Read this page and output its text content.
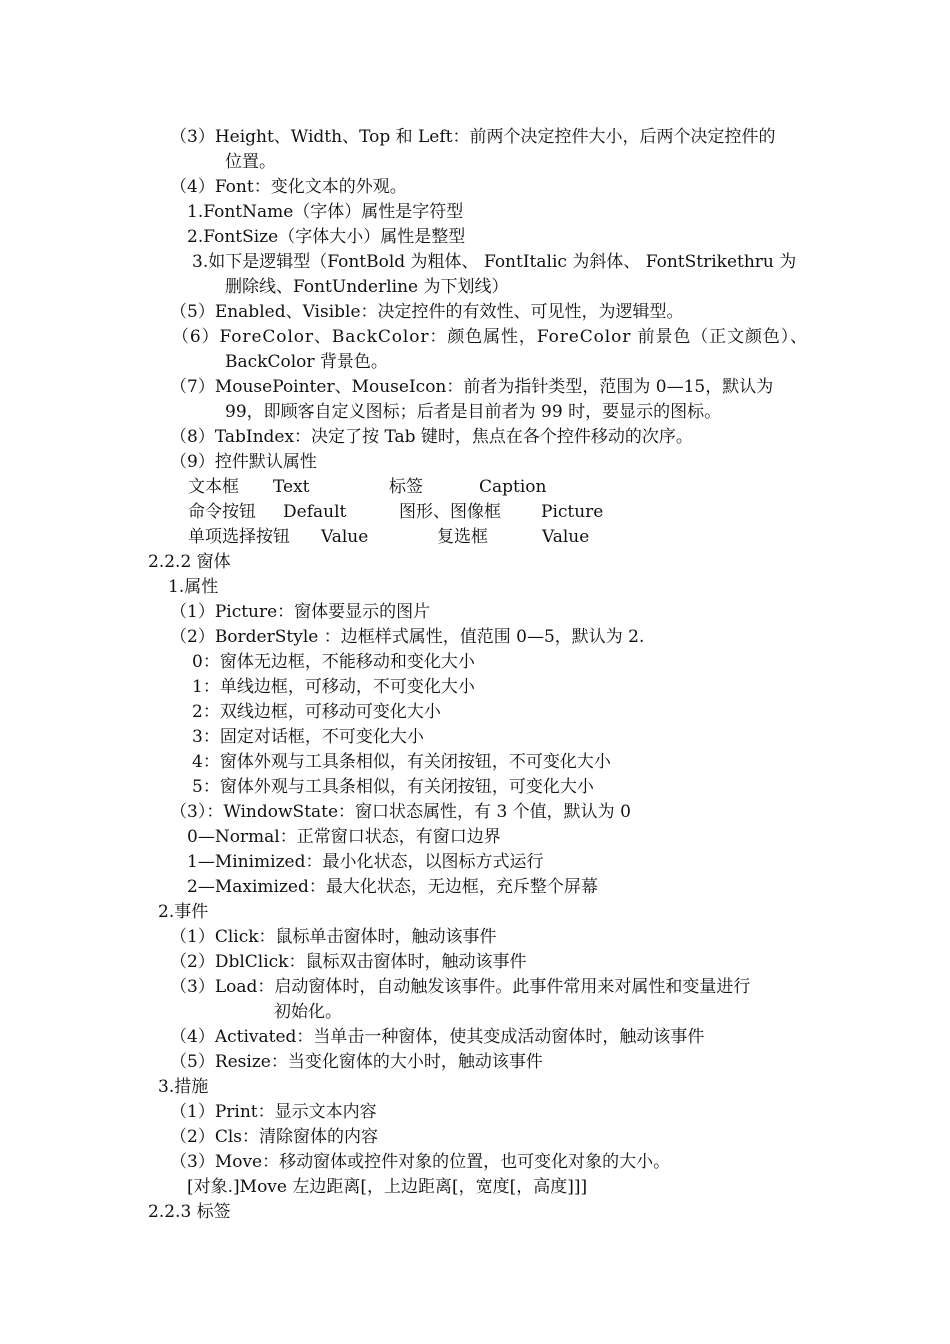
（3）Height、Width、Top 和 Left：前两个决定控件大小，后两个决定控件的
位置。
（4）Font：变化文本的外观。
1.FontName（字体）属性是字符型
2.FontSize（字体大小）属性是整型
3.如下是逻辑型（FontBold 为粗体、 FontItalic 为斜体、 FontStrikethru 为
删除线、FontUnderline 为下划线）
（5）Enabled、Visible：决定控件的有效性、可见性，为逻辑型。
（6）ForeColor、BackColor：颜色属性，ForeColor 前景色（正文颜色）、
BackColor 背景色。
（7）MousePointer、MouseIcon：前者为指针类型，范围为 0—15，默认为
99，即顾客自定义图标；后者是目前者为 99 时，要显示的图标。
（8）TabIndex：决定了按 Tab 键时，焦点在各个控件移动的次序。
（9）控件默认属性
文本框 Text	标签	Caption
命令按钮 Default	图形、图像框 Picture
单项选择按钮 Value	复选框	Value
2.2.2 窗体
1.属性
（1）Picture：窗体要显示的图片
（2）BorderStyle ：边框样式属性，值范围 0—5，默认为 2.
0：窗体无边框，不能移动和变化大小
1：单线边框，可移动，不可变化大小
2：双线边框，可移动可变化大小
3：固定对话框，不可变化大小
4：窗体外观与工具条相似，有关闭按钮，不可变化大小
5：窗体外观与工具条相似，有关闭按钮，可变化大小
（3）：WindowState：窗口状态属性，有 3 个值，默认为 0
0—Normal：正常窗口状态，有窗口边界
1—Minimized：最小化状态，以图标方式运行
2—Maximized：最大化状态，无边框，充斥整个屏幕
2.事件
（1）Click：鼠标单击窗体时，触动该事件
（2）DblClick：鼠标双击窗体时，触动该事件
（3）Load：启动窗体时，自动触发该事件。此事件常用来对属性和变量进行
初始化。
（4）Activated：当单击一种窗体，使其变成活动窗体时，触动该事件
（5）Resize：当变化窗体的大小时，触动该事件
3.措施
（1）Print：显示文本内容
（2）Cls：清除窗体的内容
（3）Move：移动窗体或控件对象的位置，也可变化对象的大小。
[对象.]Move 左边距离[，上边距离[，宽度[，高度]]]
2.2.3 标签
